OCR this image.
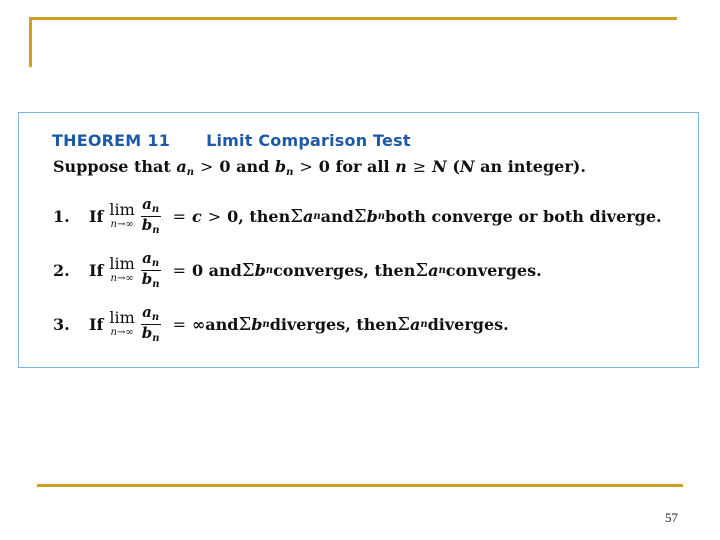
THEOREM 11 Limit Comparison Test
Suppose that $a_n > 0$ and $b_n > 0$ for all n ≥ N (N an integer).
1.	If lim
$n\to\infty \frac{a_n}{b_n} = c > 0$ , then Σ a n and Σ b n both converge or both diverge.
2.	If lim
$n\to\infty \frac{a_n}{b_n} = 0$ and Σ b n converges, then Σ a n converges.
3.	If lim
$n\to\infty \frac{a_n}{b_n}$ = ∞ and Σ b n diverges, then Σ a n diverges.
57
